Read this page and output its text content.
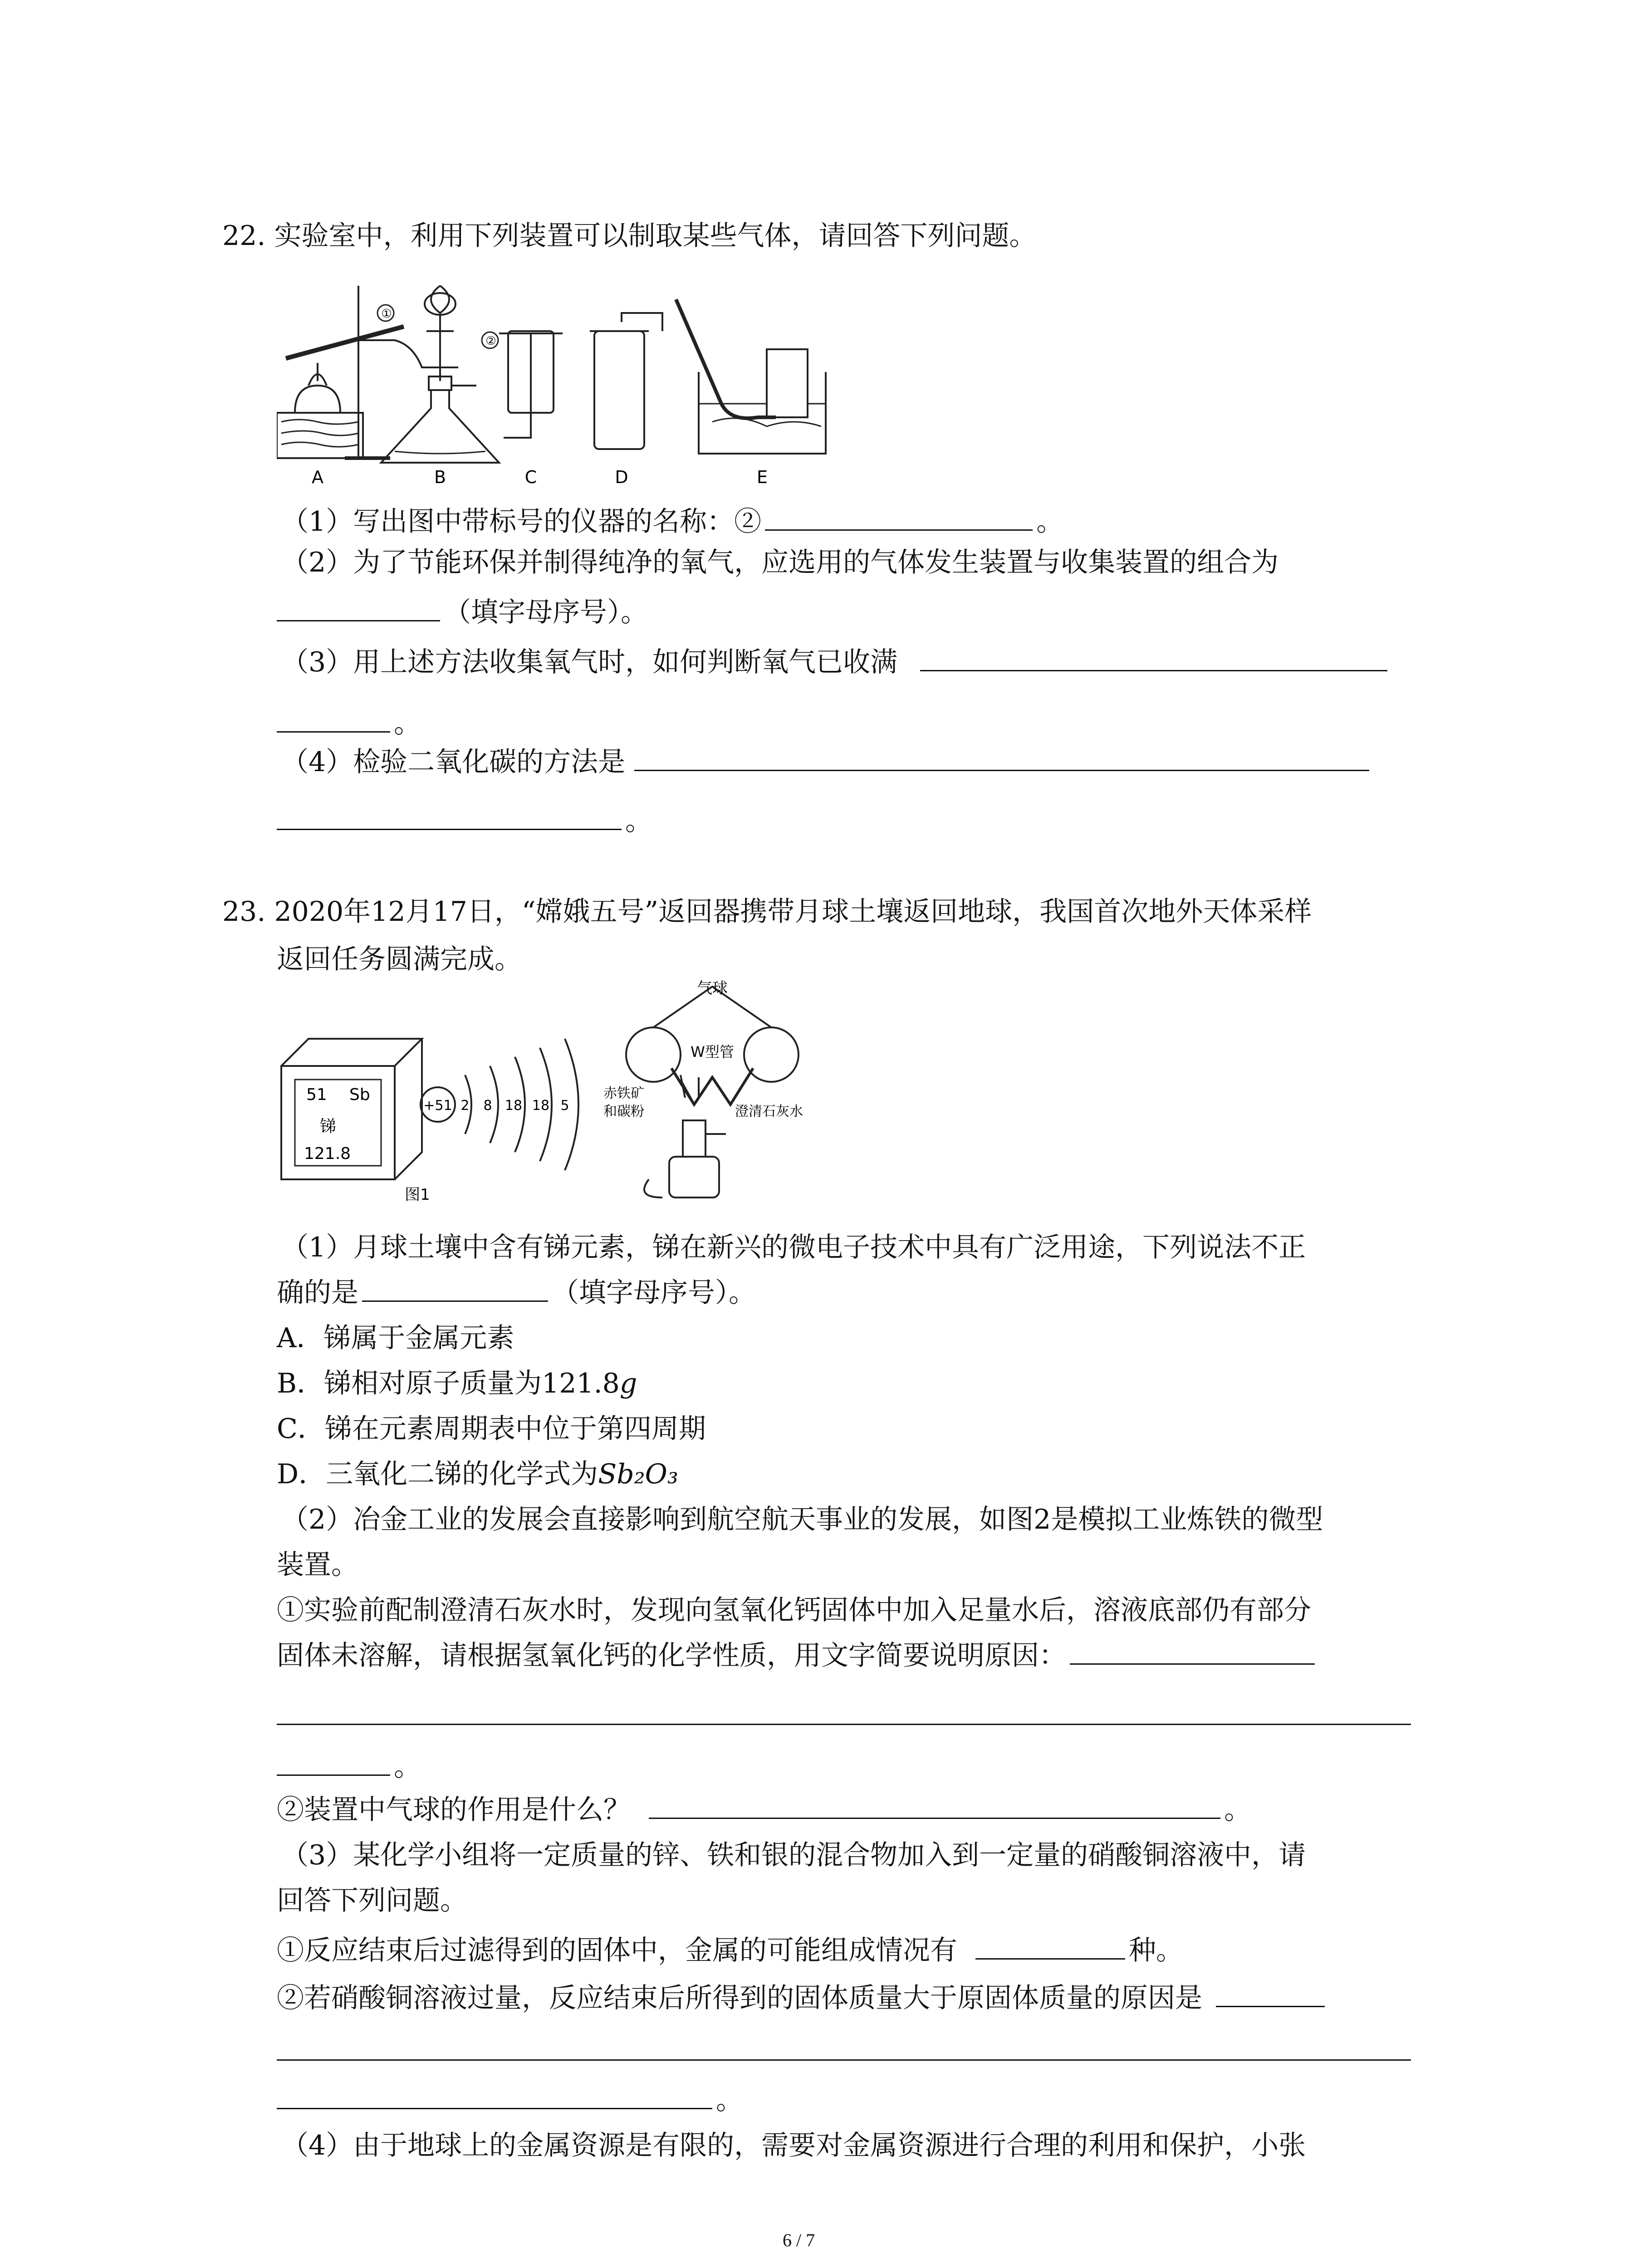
22. 实验室中，利用下列装置可以制取某些气体，请回答下列问题。
①
②
A	B	C	D	E
（1）写出图中带标号的仪器的名称：②	。
（2）为了节能环保并制得纯净的氧气，应选用的气体发生装置与收集装置的组合为
（填字母序号）。
（3）用上述方法收集氧气时，如何判断氧气已收满
。
（4）检验二氧化碳的方法是
。
23. 2020年12月17日，“嫦娥五号”返回器携带月球土壤返回地球，我国首次地外天体采样
返回任务圆满完成。
51 Sb
锑
121.8
+51 2 8 18 18 5
图1
气球
W型管
赤铁矿
和碳粉	澄清石灰水
（1）月球土壤中含有锑元素，锑在新兴的微电子技术中具有广泛用途，下列说法不正
确的是	（填字母序号）。
A．锑属于金属元素
B．锑相对原子质量为121.8g
C．锑在元素周期表中位于第四周期
D．三氧化二锑的化学式为Sb₂O₃
（2）冶金工业的发展会直接影响到航空航天事业的发展，如图2是模拟工业炼铁的微型
装置。
①实验前配制澄清石灰水时，发现向氢氧化钙固体中加入足量水后，溶液底部仍有部分
固体未溶解，请根据氢氧化钙的化学性质，用文字简要说明原因：
。
②装置中气球的作用是什么？	。
（3）某化学小组将一定质量的锌、铁和银的混合物加入到一定量的硝酸铜溶液中，请
回答下列问题。
①反应结束后过滤得到的固体中，金属的可能组成情况有	种。
②若硝酸铜溶液过量，反应结束后所得到的固体质量大于原固体质量的原因是
。
（4）由于地球上的金属资源是有限的，需要对金属资源进行合理的利用和保护，小张
6 / 7
